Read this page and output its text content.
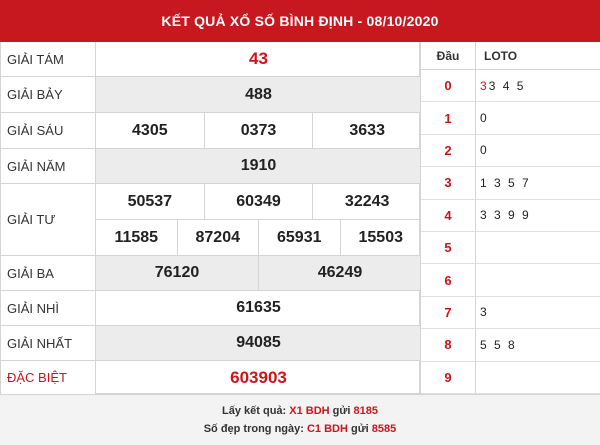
KẾT QUẢ XỔ SỐ BÌNH ĐỊNH - 08/10/2020
GIẢI TÁM	43
GIẢI BẢY	488
GIẢI SÁU	4305	0373	3633
GIẢI NĂM	1910
GIẢI TƯ
50537	60349	32243
11585	87204	65931	15503
GIẢI BA	76120	46249
GIẢI NHÌ	61635
GIẢI NHẤT	94085
ĐẶC BIỆT	603903
Đầu	LOTO
0	3 3 4 5
1	0
2	0
3	1 3 5 7
4	3 3 9 9
5
6
7	3
8	5 5 8
9
Lấy kết quả: X1 BDH gửi 8185
Số đẹp trong ngày: C1 BDH gửi 8585
